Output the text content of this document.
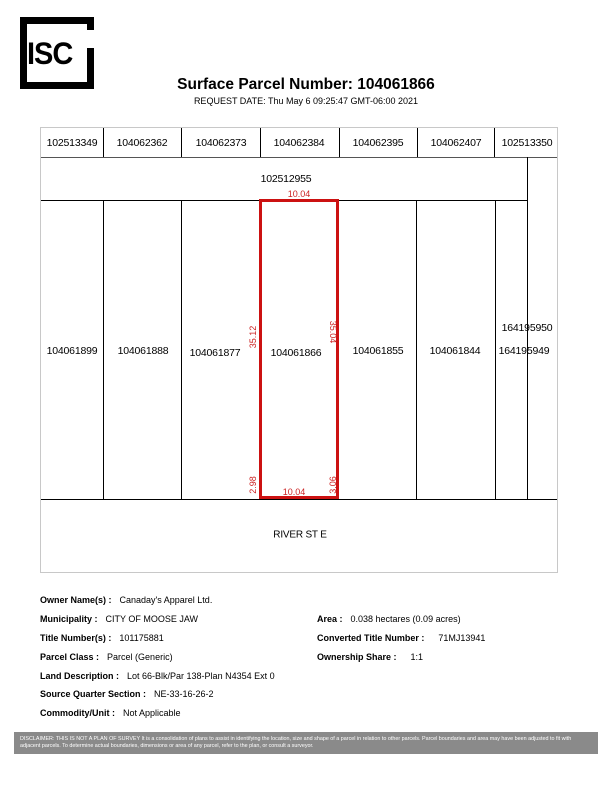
ISC
Surface Parcel Number: 104061866
REQUEST DATE: Thu May 6 09:25:47 GMT-06:00 2021
102513349 104062362	104062373	104062384	104062395	104062407 102513350
102512955
104061899 104061888 104061877	104061866	104061855 104061844
164195950
164195949
RIVER ST E
10.04
10.04
35.12	35.04
2.98	3.06
Owner Name(s) : Canaday's Apparel Ltd.
Municipality : CITY OF MOOSE JAW	Area : 0.038 hectares (0.09 acres)
Title Number(s) : 101175881	Converted Title Number : 71MJ13941
Parcel Class : Parcel (Generic)	Ownership Share : 1:1
Land Description : Lot 66-Blk/Par 138-Plan N4354 Ext 0
Source Quarter Section : NE-33-16-26-2
Commodity/Unit : Not Applicable
DISCLAIMER: THIS IS NOT A PLAN OF SURVEY It is a consolidation of plans to assist in identifying the location, size and shape of a parcel in relation to other parcels. Parcel boundaries and area may have been adjusted to fit with adjacent parcels. To determine actual boundaries, dimensions or area of any parcel, refer to the plan, or consult a surveyor.
